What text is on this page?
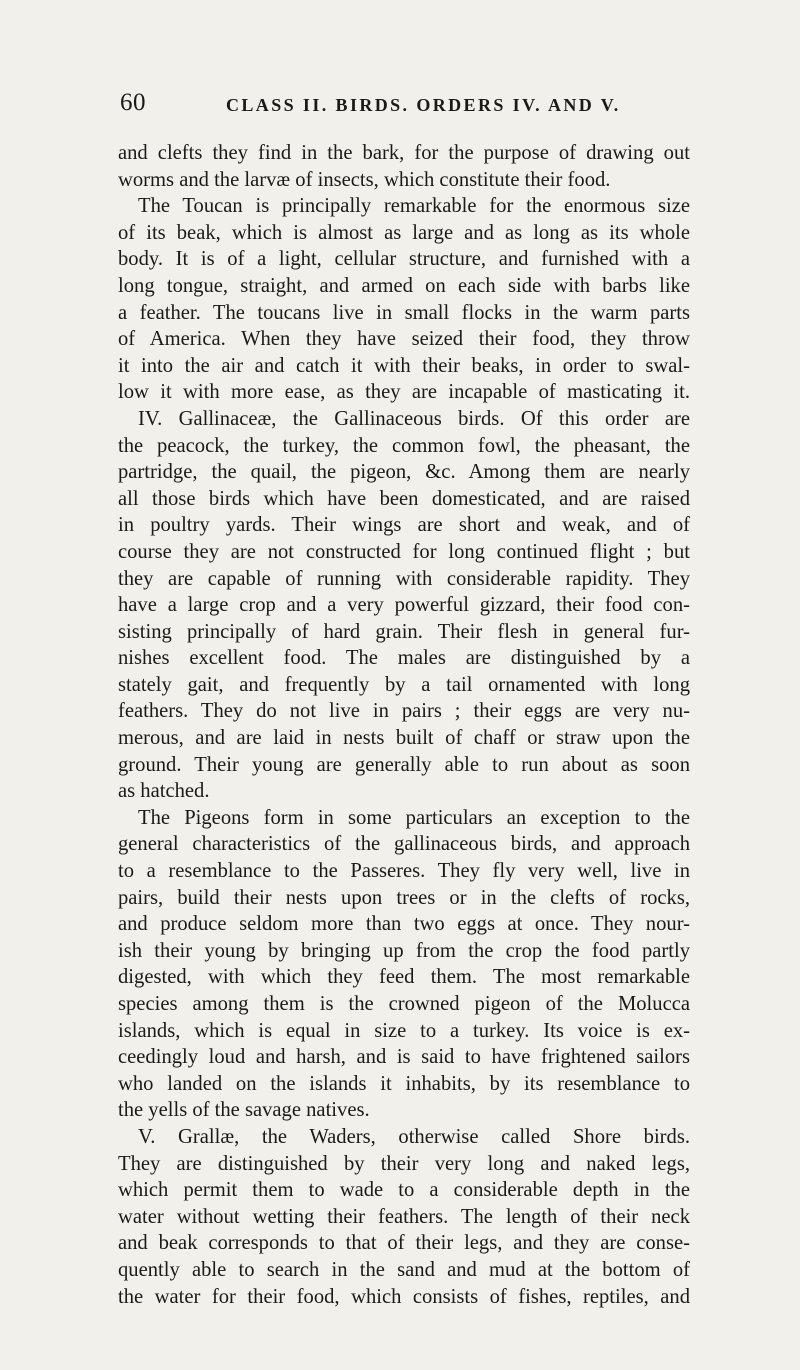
60	CLASS II. BIRDS. ORDERS IV. AND V.
and clefts they find in the bark, for the purpose of drawing out
worms and the larvæ of insects, which constitute their food.
The Toucan is principally remarkable for the enormous size
of its beak, which is almost as large and as long as its whole
body. It is of a light, cellular structure, and furnished with a
long tongue, straight, and armed on each side with barbs like
a feather. The toucans live in small flocks in the warm parts
of America. When they have seized their food, they throw
it into the air and catch it with their beaks, in order to swal-
low it with more ease, as they are incapable of masticating it.
IV. Gallinaceæ, the Gallinaceous birds. Of this order are
the peacock, the turkey, the common fowl, the pheasant, the
partridge, the quail, the pigeon, &c. Among them are nearly
all those birds which have been domesticated, and are raised
in poultry yards. Their wings are short and weak, and of
course they are not constructed for long continued flight ; but
they are capable of running with considerable rapidity. They
have a large crop and a very powerful gizzard, their food con-
sisting principally of hard grain. Their flesh in general fur-
nishes excellent food. The males are distinguished by a
stately gait, and frequently by a tail ornamented with long
feathers. They do not live in pairs ; their eggs are very nu-
merous, and are laid in nests built of chaff or straw upon the
ground. Their young are generally able to run about as soon
as hatched.
The Pigeons form in some particulars an exception to the
general characteristics of the gallinaceous birds, and approach
to a resemblance to the Passeres. They fly very well, live in
pairs, build their nests upon trees or in the clefts of rocks,
and produce seldom more than two eggs at once. They nour-
ish their young by bringing up from the crop the food partly
digested, with which they feed them. The most remarkable
species among them is the crowned pigeon of the Molucca
islands, which is equal in size to a turkey. Its voice is ex-
ceedingly loud and harsh, and is said to have frightened sailors
who landed on the islands it inhabits, by its resemblance to
the yells of the savage natives.
V. Grallæ, the Waders, otherwise called Shore birds.
They are distinguished by their very long and naked legs,
which permit them to wade to a considerable depth in the
water without wetting their feathers. The length of their neck
and beak corresponds to that of their legs, and they are conse-
quently able to search in the sand and mud at the bottom of
the water for their food, which consists of fishes, reptiles, and
